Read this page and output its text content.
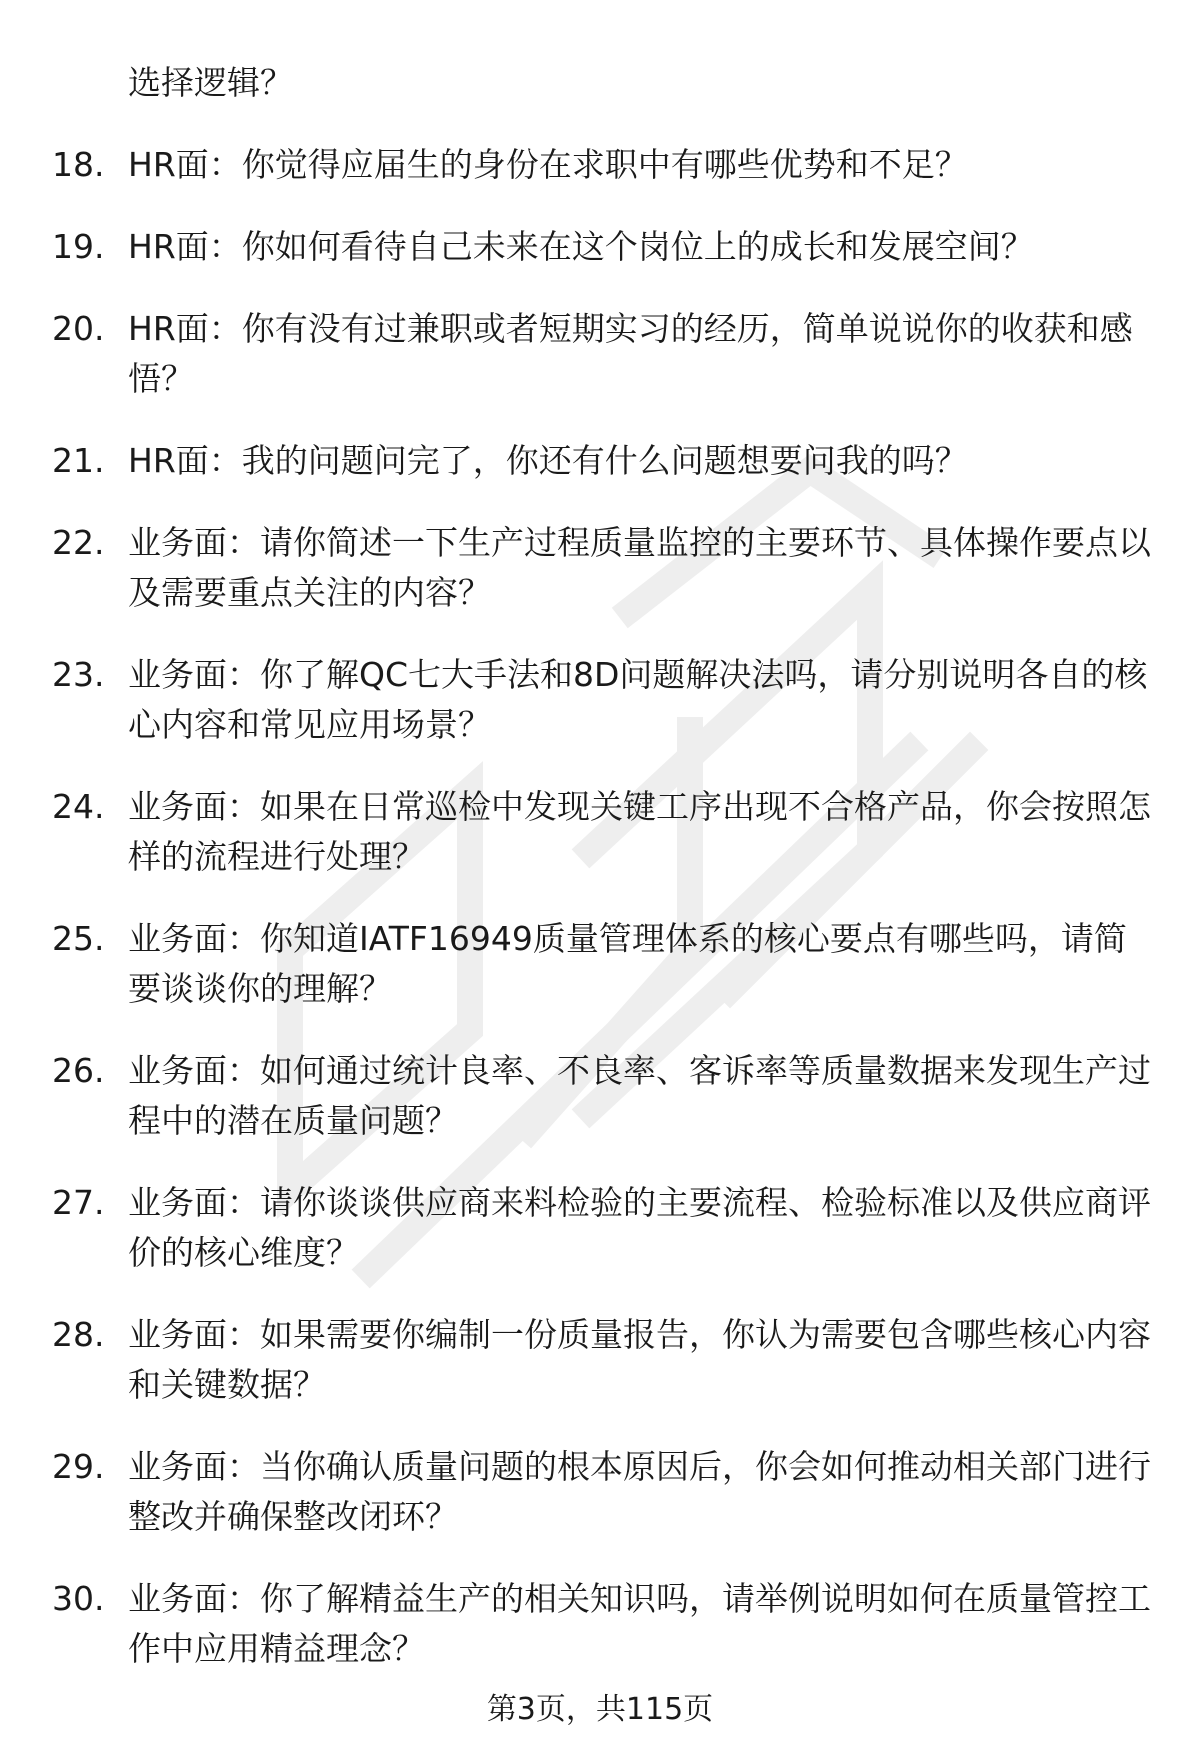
选择逻辑？
18. HR面：你觉得应届生的身份在求职中有哪些优势和不足？
19. HR面：你如何看待自己未来在这个岗位上的成长和发展空间？
20. HR面：你有没有过兼职或者短期实习的经历，简单说说你的收获和感悟？
21. HR面：我的问题问完了，你还有什么问题想要问我的吗？
22. 业务面：请你简述一下生产过程质量监控的主要环节、具体操作要点以及需要重点关注的内容？
23. 业务面：你了解QC七大手法和8D问题解决法吗，请分别说明各自的核心内容和常见应用场景？
24. 业务面：如果在日常巡检中发现关键工序出现不合格产品，你会按照怎样的流程进行处理？
25. 业务面：你知道IATF16949质量管理体系的核心要点有哪些吗，请简要谈谈你的理解？
26. 业务面：如何通过统计良率、不良率、客诉率等质量数据来发现生产过程中的潜在质量问题？
27. 业务面：请你谈谈供应商来料检验的主要流程、检验标准以及供应商评价的核心维度？
28. 业务面：如果需要你编制一份质量报告，你认为需要包含哪些核心内容和关键数据？
29. 业务面：当你确认质量问题的根本原因后，你会如何推动相关部门进行整改并确保整改闭环？
30. 业务面：你了解精益生产的相关知识吗，请举例说明如何在质量管控工作中应用精益理念？
第3页，共115页
